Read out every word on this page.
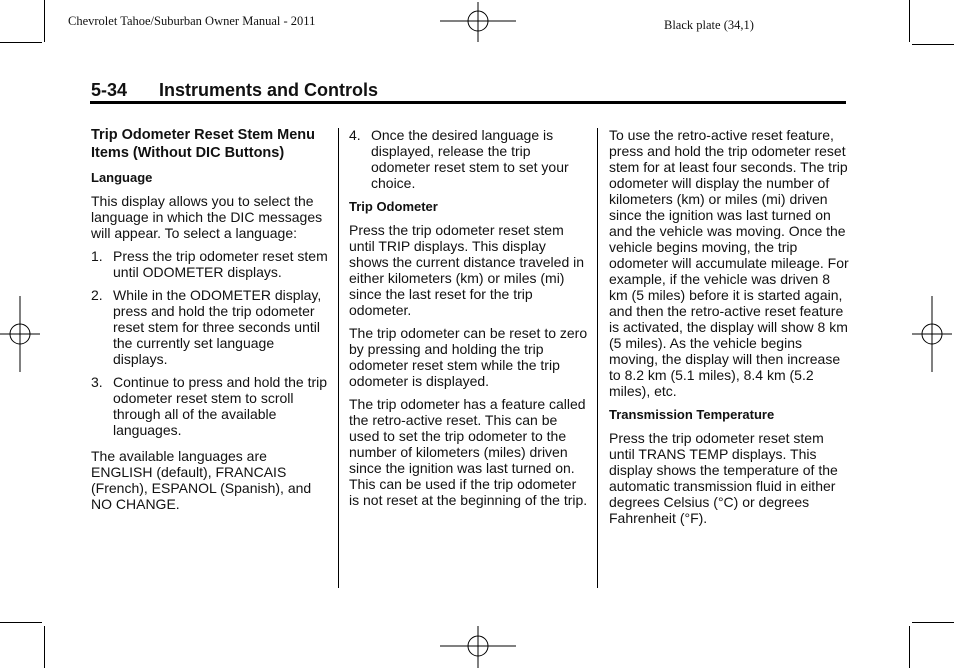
Chevrolet Tahoe/Suburban Owner Manual - 2011	Black plate (34,1)
5-34 Instruments and Controls
Trip Odometer Reset Stem Menu Items (Without DIC Buttons)
Language

This display allows you to select the language in which the DIC messages will appear. To select a language:

1. Press the trip odometer reset stem until ODOMETER displays.
2. While in the ODOMETER display, press and hold the trip odometer reset stem for three seconds until the currently set language displays.
3. Continue to press and hold the trip odometer reset stem to scroll through all of the available languages.

The available languages are ENGLISH (default), FRANCAIS (French), ESPANOL (Spanish), and NO CHANGE.

4. Once the desired language is displayed, release the trip odometer reset stem to set your choice.
Trip Odometer

Press the trip odometer reset stem until TRIP displays. This display shows the current distance traveled in either kilometers (km) or miles (mi) since the last reset for the trip odometer.

The trip odometer can be reset to zero by pressing and holding the trip odometer reset stem while the trip odometer is displayed.

The trip odometer has a feature called the retro-active reset. This can be used to set the trip odometer to the number of kilometers (miles) driven since the ignition was last turned on. This can be used if the trip odometer is not reset at the beginning of the trip.

To use the retro-active reset feature, press and hold the trip odometer reset stem for at least four seconds. The trip odometer will display the number of kilometers (km) or miles (mi) driven since the ignition was last turned on and the vehicle was moving. Once the vehicle begins moving, the trip odometer will accumulate mileage. For example, if the vehicle was driven 8 km (5 miles) before it is started again, and then the retro-active reset feature is activated, the display will show 8 km (5 miles). As the vehicle begins moving, the display will then increase to 8.2 km (5.1 miles), 8.4 km (5.2 miles), etc.

Transmission Temperature

Press the trip odometer reset stem until TRANS TEMP displays. This display shows the temperature of the automatic transmission fluid in either degrees Celsius (°C) or degrees Fahrenheit (°F).
